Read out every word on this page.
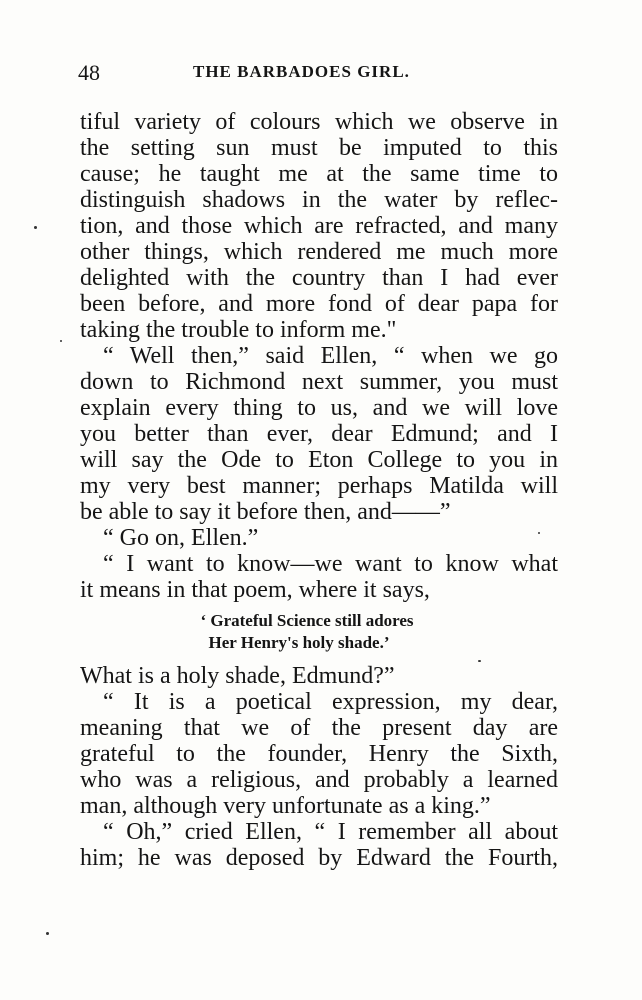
48	THE BARBADOES GIRL.
tiful variety of colours which we observe in
the setting sun must be imputed to this
cause; he taught me at the same time to
distinguish shadows in the water by reflec-
tion, and those which are refracted, and many
other things, which rendered me much more
delighted with the country than I had ever
been before, and more fond of dear papa for
taking the trouble to inform me."
“ Well then,” said Ellen, “ when we go
down to Richmond next summer, you must
explain every thing to us, and we will love
you better than ever, dear Edmund; and I
will say the Ode to Eton College to you in
my very best manner; perhaps Matilda will
be able to say it before then, and——”
“ Go on, Ellen.”
“ I want to know—we want to know what
it means in that poem, where it says,
‘ Grateful Science still adores
Her Henry's holy shade.’
What is a holy shade, Edmund?”
“ It is a poetical expression, my dear,
meaning that we of the present day are
grateful to the founder, Henry the Sixth,
who was a religious, and probably a learned
man, although very unfortunate as a king.”
“ Oh,” cried Ellen, “ I remember all about
him; he was deposed by Edward the Fourth,
